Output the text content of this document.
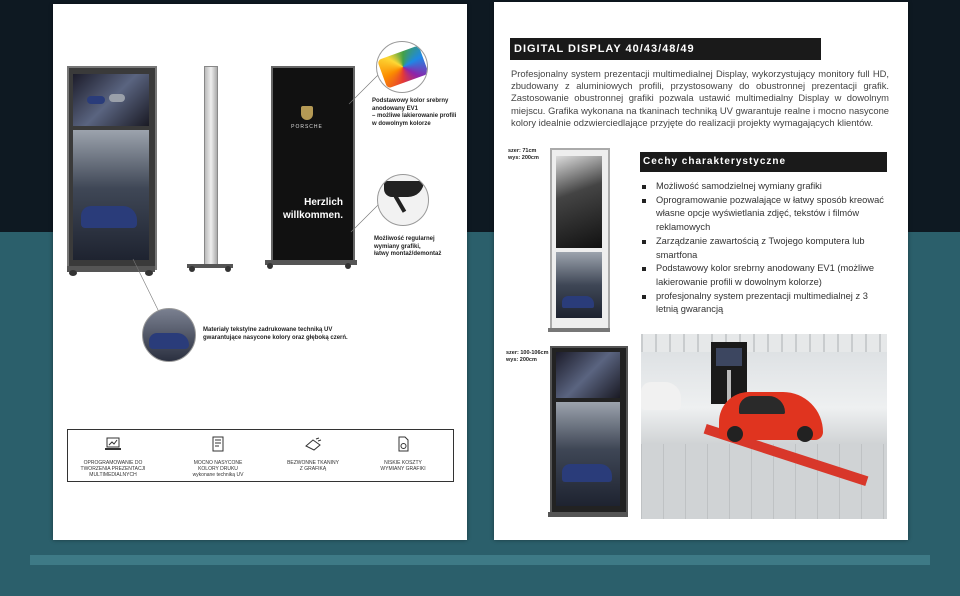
PORSCHE
Herzlich
willkommen.
Podstawowy kolor srebrny
anodowany EV1
– możliwe lakierowanie profili
w dowolnym kolorze
Możliwość regularnej
wymiany grafiki,
łatwy montaż/demontaż
Materiały tekstylne zadrukowane techniką UV
gwarantujące nasycone kolory oraz głęboką czerń.
OPROGRAMOWANIE DO
TWORZENIA PREZENTACJI
MULTIMEDIALNYCH
MOCNO NASYCONE
KOLORY DRUKU
wykonane techniką UV
BEZWONNE TKANINY
Z GRAFIKĄ
NISKIE KOSZTY
WYMIANY GRAFIKI
DIGITAL DISPLAY 40/43/48/49
Profesjonalny system prezentacji multimedialnej Display, wykorzystujący monitory full HD, zbudowany z aluminiowych profili, przystosowany do obustronnej prezentacji grafik. Zastosowanie obustronnej grafiki pozwala ustawić multimedialny Display w dowolnym miejscu. Grafika wykonana na tkaninach techniką UV gwarantuje realne i mocno nasycone kolory idealnie odzwierciedlające przyjęte do realizacji projekty wymagających klientów.
szer: 71cm
wys: 200cm
szer: 100-106cm
wys: 200cm
Cechy charakterystyczne
Możliwość samodzielnej wymiany grafiki
Oprogramowanie pozwalające w łatwy sposób kreować własne opcje wyświetlania zdjęć, tekstów i filmów reklamowych
Zarządzanie zawartością z Twojego komputera lub smartfona
Podstawowy kolor srebrny anodowany EV1 (możliwe lakierowanie profili w dowolnym kolorze)
profesjonalny system prezentacji multimedialnej z 3 letnią gwarancją
